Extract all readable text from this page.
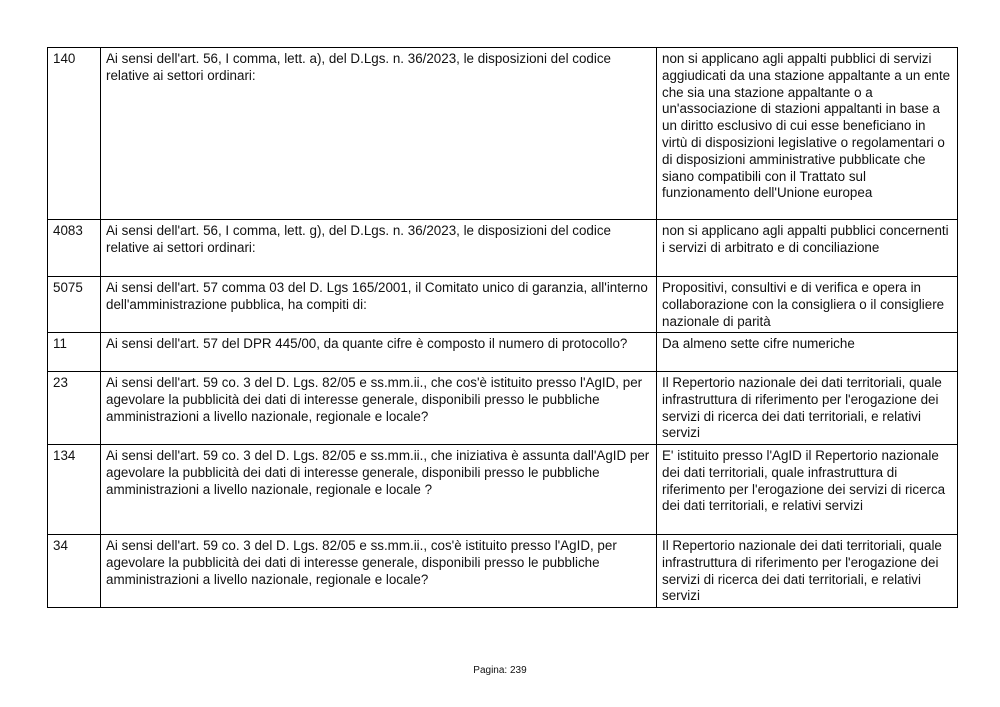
140	Ai sensi dell'art. 56, I comma, lett. a), del D.Lgs. n. 36/2023, le disposizioni del codice relative ai settori ordinari:	non si applicano agli appalti pubblici di servizi aggiudicati da una stazione appaltante a un ente che sia una stazione appaltante o a un'associazione di stazioni appaltanti in base a un diritto esclusivo di cui esse beneficiano in virtù di disposizioni legislative o regolamentari o di disposizioni amministrative pubblicate che siano compatibili con il Trattato sul funzionamento dell'Unione europea
4083	Ai sensi dell'art. 56, I comma, lett. g), del D.Lgs. n. 36/2023, le disposizioni del codice relative ai settori ordinari:	non si applicano agli appalti pubblici concernenti i servizi di arbitrato e di conciliazione
5075	Ai sensi dell'art. 57 comma 03 del D. Lgs 165/2001, il Comitato unico di garanzia, all'interno dell'amministrazione pubblica, ha compiti di:	Propositivi, consultivi e di verifica e opera in collaborazione con la consigliera o il consigliere nazionale di parità
11	Ai sensi dell'art. 57 del DPR 445/00, da quante cifre è composto il numero di protocollo?	Da almeno sette cifre numeriche
23	Ai sensi dell'art. 59 co. 3 del D. Lgs. 82/05 e ss.mm.ii., che cos'è istituito presso l'AgID, per agevolare la pubblicità dei dati di interesse generale, disponibili presso le pubbliche amministrazioni a livello nazionale, regionale e locale?	Il Repertorio nazionale dei dati territoriali, quale infrastruttura di riferimento per l'erogazione dei servizi di ricerca dei dati territoriali, e relativi servizi
134	Ai sensi dell'art. 59 co. 3 del D. Lgs. 82/05 e ss.mm.ii., che iniziativa è assunta dall'AgID per agevolare la pubblicità dei dati di interesse generale, disponibili presso le pubbliche amministrazioni a livello nazionale, regionale e locale ?	E' istituito presso l'AgID il Repertorio nazionale dei dati territoriali, quale infrastruttura di riferimento per l'erogazione dei servizi di ricerca dei dati territoriali, e relativi servizi
34	Ai sensi dell'art. 59 co. 3 del D. Lgs. 82/05 e ss.mm.ii., cos'è istituito presso l'AgID, per agevolare la pubblicità dei dati di interesse generale, disponibili presso le pubbliche amministrazioni a livello nazionale, regionale e locale?	Il Repertorio nazionale dei dati territoriali, quale infrastruttura di riferimento per l'erogazione dei servizi di ricerca dei dati territoriali, e relativi servizi
Pagina: 239
